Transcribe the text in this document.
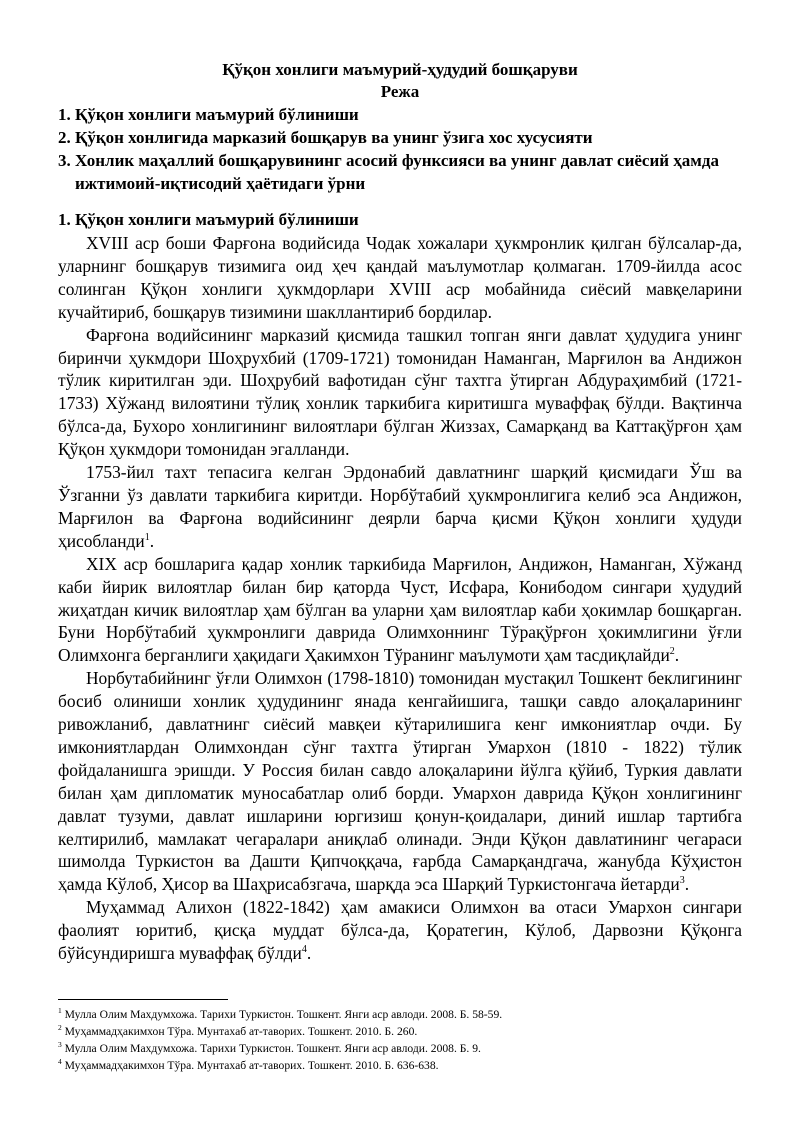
Қўқон хонлиги маъмурий-ҳудудий бошқаруви
Режа
1. Қўқон хонлиги маъмурий бўлиниши
2. Қўқон хонлигида марказий бошқарув ва унинг ўзига хос хусусияти
3. Хонлик маҳаллий бошқарувининг асосий функсияси ва унинг давлат сиёсий ҳамда ижтимоий-иқтисодий ҳаётидаги ўрни
1. Қўқон хонлиги маъмурий бўлиниши

XVIII аср боши Фарғона водийсида Чодак хожалари ҳукмронлик қилган бўлсалар-да, уларнинг бошқарув тизимига оид ҳеч қандай маълумотлар қолмаган. 1709-йилда асос солинган Қўқон хонлиги ҳукмдорлари XVIII аср мобайнида сиёсий мавқеларини кучайтириб, бошқарув тизимини шакллантириб бордилар.

Фарғона водийсининг марказий қисмида ташкил топган янги давлат ҳудудига унинг биринчи ҳукмдори Шоҳрухбий (1709-1721) томонидан Наманган, Марғилон ва Андижон тўлик киритилган эди. Шоҳрубий вафотидан сўнг тахтга ўтирган Абдураҳимбий (1721-1733) Хўжанд вилоятини тўлиқ хонлик таркибига киритишга муваффақ бўлди. Вақтинча бўлса-да, Бухоро хонлигининг вилоятлари бўлган Жиззах, Самарқанд ва Каттақўрғон ҳам Қўқон ҳукмдори томонидан эгалланди.

1753-йил тахт тепасига келган Эрдонабий давлатнинг шарқий қисмидаги Ўш ва Ўзганни ўз давлати таркибига киритди. Норбўтабий ҳукмронлигига келиб эса Андижон, Марғилон ва Фарғона водийсининг деярли барча қисми Қўқон хонлиги ҳудуди ҳисобланди$^1$.

XIX аср бошларига қадар хонлик таркибида Марғилон, Андижон, Наманган, Хўжанд каби йирик вилоятлар билан бир қаторда Чуст, Исфара, Конибодом сингари ҳудудий жиҳатдан кичик вилоятлар ҳам бўлган ва уларни ҳам вилоятлар каби ҳокимлар бошқарган. Буни Норбўтабий ҳукмронлиги даврида Олимхоннинг Тўрақўрғон ҳокимлигини ўғли Олимхонга берганлиги ҳақидаги Ҳакимхон Тўранинг маълумоти ҳам тасдиқлайди$^2$.

Норбутабийнинг ўғли Олимхон (1798-1810) томонидан мустақил Тошкент беклигининг босиб олиниши хонлик ҳудудининг янада кенгайишига, ташқи савдо алоқаларининг ривожланиб, давлатнинг сиёсий мавқеи кўтарилишига кенг имкониятлар очди. Бу имкониятлардан Олимхондан сўнг тахтга ўтирган Умархон (1810 - 1822) тўлик фойдаланишга эришди. У Россия билан савдо алоқаларини йўлга қўйиб, Туркия давлати билан ҳам дипломатик муносабатлар олиб борди. Умархон даврида Қўқон хонлигининг давлат тузуми, давлат ишларини юргизиш қонун-қоидалари, диний ишлар тартибга келтирилиб, мамлакат чегаралари аниқлаб олинади. Энди Қўқон давлатининг чегараси шимолда Туркистон ва Дашти Қипчоққача, ғарбда Самарқандгача, жанубда Кўҳистон ҳамда Кўлоб, Ҳисор ва Шаҳрисабзгача, шарқда эса Шарқий Туркистонгача йетарди$^3$.

Муҳаммад Алихон (1822-1842) ҳам амакиси Олимхон ва отаси Умархон сингари фаолият юритиб, қисқа муддат бўлса-да, Қоратегин, Кўлоб, Дарвозни Қўқонга бўйсундиришга муваффақ бўлди$^4$.

$^1$ Мулла Олим Махдумхожа. Тарихи Туркистон. Тошкент. Янги аср авлоди. 2008. Б. 58-59.
$^2$ Муҳаммадҳакимхон Тўра. Мунтахаб ат-таворих. Тошкент. 2010. Б. 260.
$^3$ Мулла Олим Махдумхожа. Тарихи Туркистон. Тошкент. Янги аср авлоди. 2008. Б. 9.
$^4$ Муҳаммадҳакимхон Тўра. Мунтахаб ат-таворих. Тошкент. 2010. Б. 636-638.
